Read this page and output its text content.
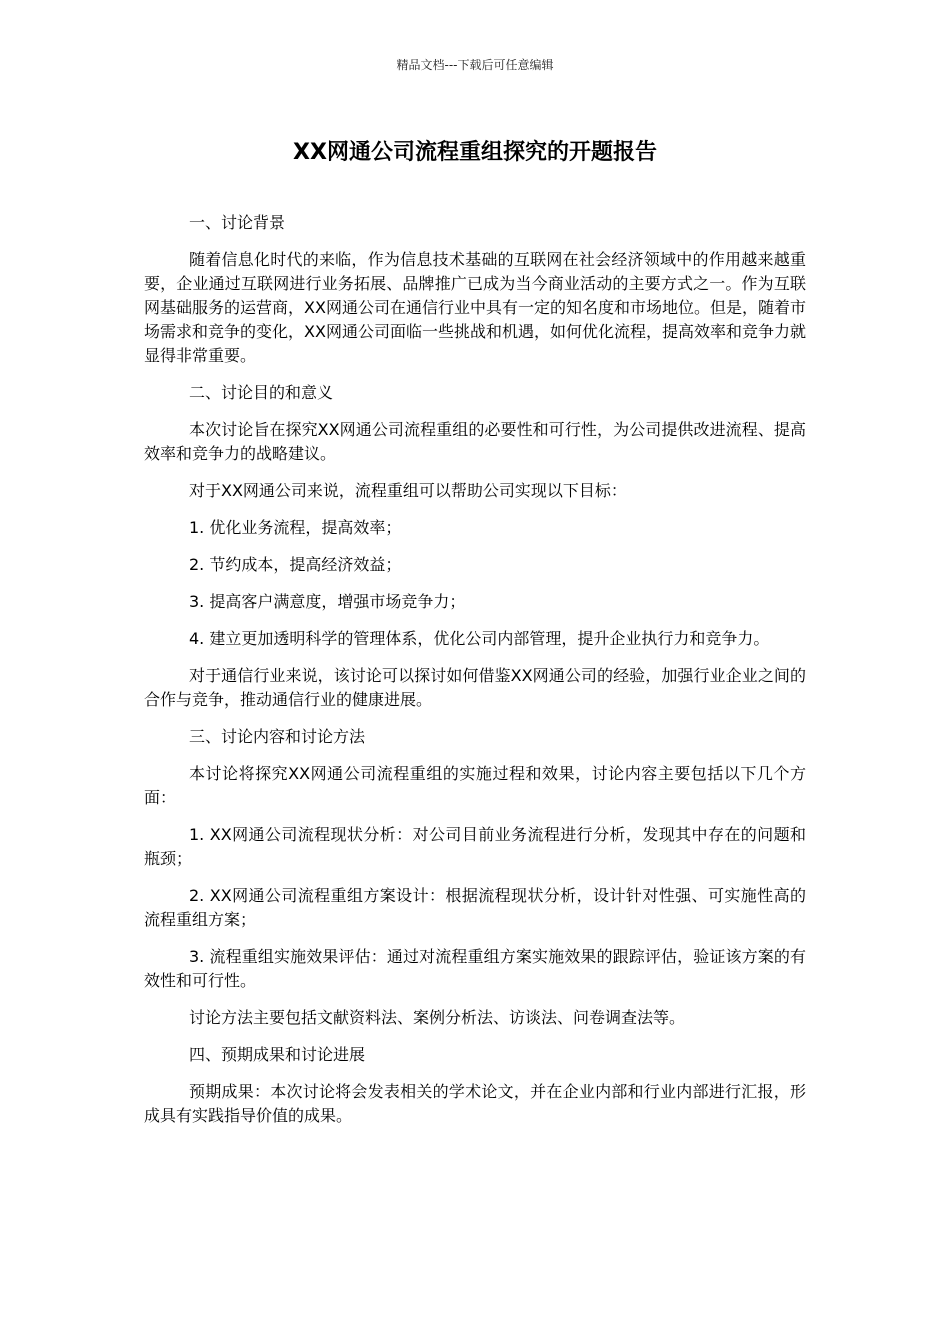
精品文档---下载后可任意编辑
XX网通公司流程重组探究的开题报告

一、讨论背景

随着信息化时代的来临，作为信息技术基础的互联网在社会经济领域中的作用越来越重要，企业通过互联网进行业务拓展、品牌推广已成为当今商业活动的主要方式之一。作为互联网基础服务的运营商，XX网通公司在通信行业中具有一定的知名度和市场地位。但是，随着市场需求和竞争的变化，XX网通公司面临一些挑战和机遇，如何优化流程，提高效率和竞争力就显得非常重要。

二、讨论目的和意义

本次讨论旨在探究XX网通公司流程重组的必要性和可行性，为公司提供改进流程、提高效率和竞争力的战略建议。

对于XX网通公司来说，流程重组可以帮助公司实现以下目标：

1. 优化业务流程，提高效率；

2. 节约成本，提高经济效益；

3. 提高客户满意度，增强市场竞争力；

4. 建立更加透明科学的管理体系，优化公司内部管理，提升企业执行力和竞争力。

对于通信行业来说，该讨论可以探讨如何借鉴XX网通公司的经验，加强行业企业之间的合作与竞争，推动通信行业的健康进展。

三、讨论内容和讨论方法

本讨论将探究XX网通公司流程重组的实施过程和效果，讨论内容主要包括以下几个方面：

1. XX网通公司流程现状分析：对公司目前业务流程进行分析，发现其中存在的问题和瓶颈；

2. XX网通公司流程重组方案设计：根据流程现状分析，设计针对性强、可实施性高的流程重组方案；

3. 流程重组实施效果评估：通过对流程重组方案实施效果的跟踪评估，验证该方案的有效性和可行性。

讨论方法主要包括文献资料法、案例分析法、访谈法、问卷调查法等。

四、预期成果和讨论进展

预期成果：本次讨论将会发表相关的学术论文，并在企业内部和行业内部进行汇报，形成具有实践指导价值的成果。
